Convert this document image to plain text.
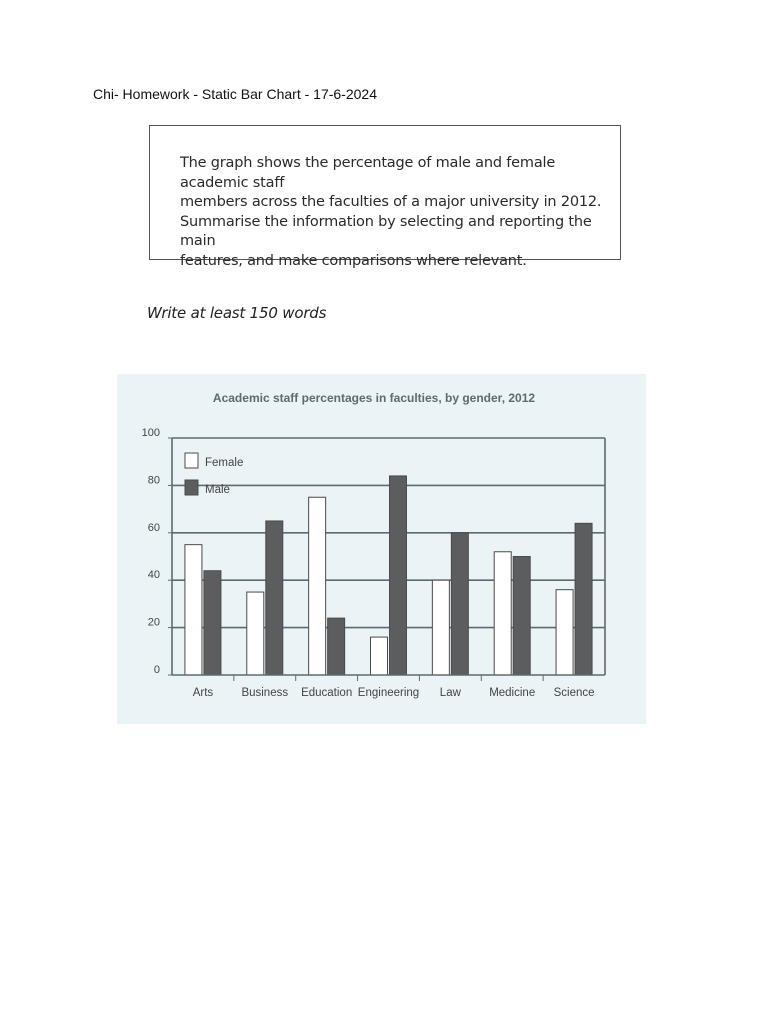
Chi- Homework - Static Bar Chart - 17-6-2024
The graph shows the percentage of male and female academic staff
members across the faculties of a major university in 2012.
Summarise the information by selecting and reporting the main
features, and make comparisons where relevant.
Write at least 150 words
Academic staff percentages in faculties, by gender, 2012
0
20
40
60
80
100
Arts Business Education Engineering Law Medicine Science
Female
Male
